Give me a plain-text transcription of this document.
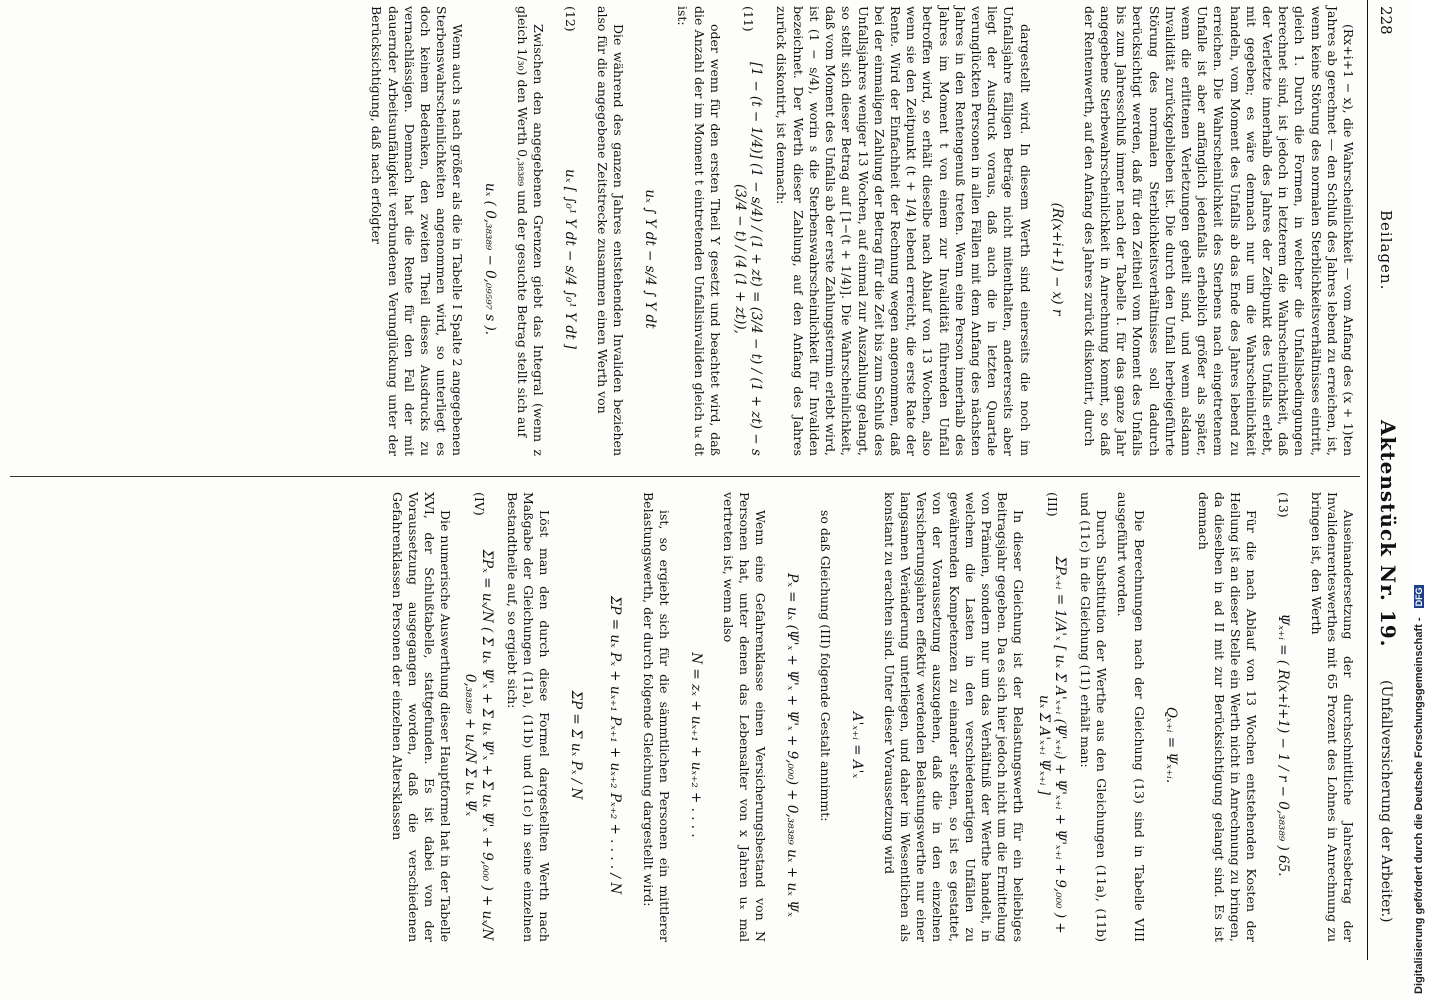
228
Beilagen.
Aktenstück Nr. 19.
(Unfallversicherung der Arbeiter.)

(Rx+i+1 − x), die Wahrscheinlichkeit — vom Anfang des (x + 1)ten Jahres ab gerechnet — den Schluß des Jahres lebend zu erreichen, ist, wenn keine Störung des normalen Sterblichkeitsverhältnisses eintritt, gleich 1. Durch die Formen, in welcher die Unfallsbedingungen berechnet sind, ist jedoch in letzterem die Wahrscheinlichkeit, daß der Verletzte innerhalb des Jahres der Zeitpunkt des Unfalls erlebt, mit gegeben; es wäre demnach nur um die Wahrscheinlichkeit handeln, vom Moment des Unfalls ab das Ende des Jahres lebend zu erreichen. Die Wahrscheinlichkeit des Sterbens nach eingetretenem Unfalle ist aber anfänglich jedenfalls erheblich größer als später, wenn die erlittenen Verletzungen geheilt sind, und wenn alsdann Invalidität zurückgeblieben ist. Die durch den Unfall herbeigeführte Störung des normalen Sterblichkeitsverhältnisses soll dadurch berücksichtigt werden, daß für den Zeitheil vom Moment des Unfalls bis zum Jahresschluß immer nach der Tabelle I. für das ganze Jahr angegebene Sterbewahrscheinlichkeit in Anrechnung kommt, so daß der Rentenwerth, auf den Anfang des Jahres zurück diskontirt, durch

(R(x+i+1) − x) r

dargestellt wird. In diesem Werth sind einerseits die noch im Unfallsjahre fälligen Beträge nicht mitenthalten, andererseits aber liegt der Ausdruck voraus, daß auch die in letzten Quartale verunglückten Personen in allen Fällen mit dem Anfang des nächsten Jahres in den Rentengenuß treten. Wenn eine Person innerhalb des Jahres im Moment t von einem zur Invalidität führenden Unfall betroffen wird, so erhält dieselbe nach Ablauf von 13 Wochen, also wenn sie den Zeitpunkt (t + 1/4) lebend erreicht, die erste Rate der Rente. Wird der Einfachheit der Rechnung wegen angenommen, daß bei der einmaligen Zahlung der Betrag für die Zeit bis zum Schluß des Unfallsjahres weniger 13 Wochen, auf einmal zur Auszahlung gelangt, so stellt sich dieser Betrag auf [1−(t + 1/4)]. Die Wahrscheinlichkeit, daß vom Moment des Unfalls ab der erste Zahlungstermin erlebt wird, ist (1 − s/4), worin s die Sterbenswahrscheinlichkeit für Invaliden bezeichnet. Der Werth dieser Zahlung, auf den Anfang des Jahres zurück diskontirt, ist demnach:

(11)
[1 − (t − 1/4)] (1 − s/4) / (1 + zt) = (3/4 − t) / (1 + zt) − s (3/4 − t) / (4 (1 + zt)),

oder wenn für den ersten Theil Y gesetzt und beachtet wird, daß die Anzahl der im Moment t eintretenden Unfallsinvaliden gleich uₓ dt ist:

uₓ ∫ Y dt − s/4 ∫ Y dt

Die während des ganzen Jahres entstehenden Invaliden beziehen also für die angegebene Zeitstrecke zusammen einen Werth von

(12)
uₓ [ ∫₀¹ Y dt − s/4 ∫₀¹ Y dt ]

Zwischen den angegebenen Grenzen giebt das Integral (wenn z gleich 1/₃₀) den Werth 0,₃₈₃₈₉ und der gesuchte Betrag stellt sich auf

uₓ ( 0,₃₈₃₈₉ − 0,₀₉₅₉₇ s ).

Wenn auch s nach größer als die in Tabelle I Spalte 2 angegebenen Sterbenswahrscheinlichkeiten angenommen wird, so unterliegt es doch keinem Bedenken, den zweiten Theil dieses Ausdrucks zu vernachlässigen. Demnach hat die Rente für den Fall der mit dauernder Arbeitsunfähigkeit verbundenen Verunglückung unter der Berücksichtigung, daß nach erfolgter

Auseinandersetzung der durchschnittliche Jahresbetrag der Invalidenrenteswerthes mit 65 Prozent des Lohnes in Anrechnung zu bringen ist, den Werth

(13)
Ψₓ₊ᵢ = ( R(x+i+1) − 1 / r − 0,₃₈₃₈₉ ) 65.

Für die nach Ablauf von 13 Wochen entstehenden Kosten der Heilung ist an dieser Stelle ein Werth nicht in Anrechnung zu bringen, da dieselben in ad II mit zur Berücksichtigung gelangt sind. Es ist demnach

Qₓ₊ᵢ = Ψₓ₊ᵢ.

Die Berechnungen nach der Gleichung (13) sind in Tabelle VIII ausgeführt worden.

Durch Substitution der Werthe aus den Gleichungen (11a), (11b) und (11c) in die Gleichung (11) erhält man:

(III)
ΣPₓ₊ᵢ = 1/A'ₓ [ uₓ Σ A'ₓ₊ᵢ (Ψ'ₓ₊ᵢ) + Ψ'ₓ₊ᵢ + Ψ'ₓ₊ᵢ + 9,₀₀₀ ) + uₓ Σ A'ₓ₊ᵢ Ψₓ₊ᵢ ]

In dieser Gleichung ist der Belastungswerth für ein beliebiges Beitragsjahr gegeben. Da es sich hier jedoch nicht um die Ermittelung von Prämien, sondern nur um das Verhältniß der Werthe handelt, in welchem die Lasten in den verschiedenartigen Unfällen zu gewährenden Kompetenzen zu einander stehen, so ist es gestattet, von der Voraussetzung auszugehen, daß die in den einzelnen Versicherungsjahren effektiv werdenden Belastungswerthe nur einer langsamen Veränderung unterliegen, und daher im Wesentlichen als konstant zu erachten sind. Unter dieser Voraussetzung wird

A'ₓ₊ᵢ = A'ₓ

so daß Gleichung (III) folgende Gestalt annimmt:

Pₓ = uₓ (Ψ'ₓ + Ψ'ₓ + Ψ'ₓ + 9,₀₀₀) + 0,₃₈₃₈₉ uₓ + uₓ Ψₓ

Wenn eine Gefahrenklasse einen Versicherungsbestand von N Personen hat, unter denen das Lebensalter von x Jahren uₓ mal vertreten ist, wenn also

N = zₓ + uₓ₊₁ + uₓ₊₂ + . . . .

ist, so ergiebt sich für die sämmtlichen Personen ein mittlerer Belastungswerth, der durch folgende Gleichung dargestellt wird:

ΣP = uₓ Pₓ + uₓ₊₁ Pₓ₊₁ + uₓ₊₂ Pₓ₊₂ + . . . . / N
ΣP = Σ uₓ Pₓ / N

Löst man den durch diese Formel dargestellten Werth nach Maßgabe der Gleichungen (11a), (11b) und (11c) in seine einzelnen Bestandtheile auf, so ergiebt sich:

(IV)
ΣPₓ = uₓ/N ( Σ uₓ Ψ'ₓ + Σ uₓ Ψ'ₓ + Σ uₓ Ψ'ₓ + 9,₀₀₀ ) + uₓ/N 0,₃₈₃₈₉ + uₓ/N Σ uₓ Ψₓ

Die numerische Auswerthung dieser Hauptformel hat in der Tabelle XVI, der Schlußtabelle, stattgefunden. Es ist dabei von der Voraussetzung ausgegangen worden, daß die verschiedenen Gefahrenklassen Personen der einzelnen Altersklassen	Digitalisierung gefördert durch die Deutsche Forschungsgemeinschaft - DFG
